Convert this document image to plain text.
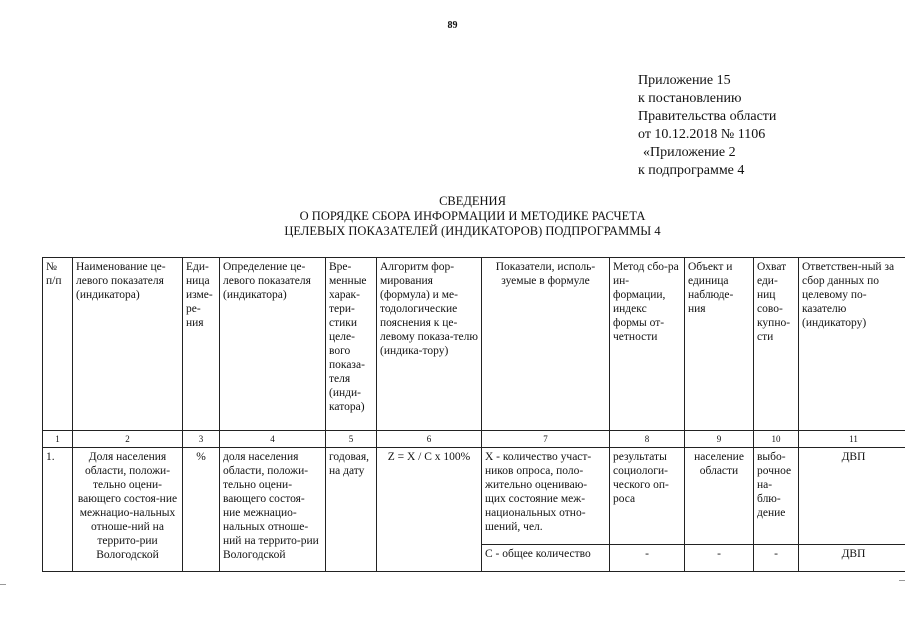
89
Приложение 15
к постановлению
Правительства области
от 10.12.2018 № 1106
«Приложение 2
к подпрограмме 4
СВЕДЕНИЯ
О ПОРЯДКЕ СБОРА ИНФОРМАЦИИ И МЕТОДИКЕ РАСЧЕТА
ЦЕЛЕВЫХ ПОКАЗАТЕЛЕЙ (ИНДИКАТОРОВ) ПОДПРОГРАММЫ 4
№ п/п	Наименование це-левого показателя (индикатора)	Еди-ница изме-ре-ния	Определение це-левого показателя (индикатора)	Вре-менные харак-тери-стики целе-вого показа-теля (инди-катора)	Алгоритм фор-мирования (формула) и ме-тодологические пояснения к це-левому показа-телю (индика-тору)	Показатели, исполь-зуемые в формуле	Метод сбо-ра ин-формации, индекс формы от-четности	Объект и единица наблюде-ния	Охват еди-ниц сово-купно-сти	Ответствен-ный за сбор данных по целевому по-казателю (индикатору)
1	2	3	4	5	6	7	8	9	10	11
1.	Доля населения области, положи-тельно оцени-вающего состоя-ние межнацио-нальных отноше-ний на террито-рии Вологодской	%	доля населения области, положи-тельно оцени-вающего состоя-ние межнацио-нальных отноше-ний на террито-рии Вологодской	годовая, на дату	Z = X / C x 100%	X - количество участ-ников опроса, поло-жительно оцениваю-щих состояние меж-национальных отно-шений, чел.	результаты социологи-ческого оп-роса	население области	выбо-рочное на-блю-дение	ДВП
						C - общее количество	-	-	-	ДВП
